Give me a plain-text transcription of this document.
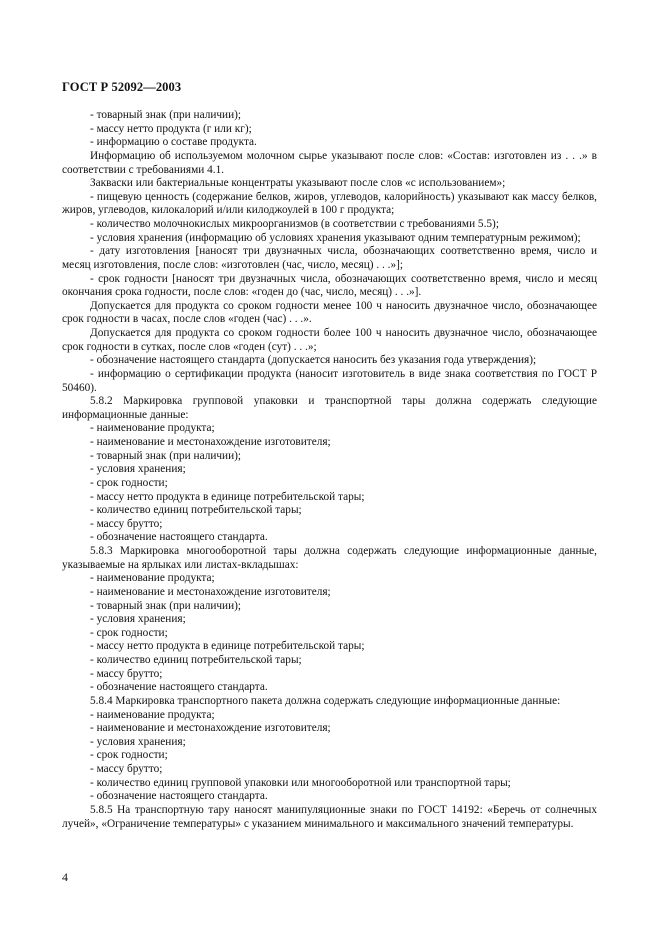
ГОСТ Р 52092—2003

- товарный знак (при наличии);

- массу нетто продукта (г или кг);

- информацию о составе продукта.

Информацию об используемом молочном сырье указывают после слов: «Состав: изготовлен из . . .» в соответствии с требованиями 4.1.

Закваски или бактериальные концентраты указывают после слов «с использованием»;

- пищевую ценность (содержание белков, жиров, углеводов, калорийность) указывают как массу белков, жиров, углеводов, килокалорий и/или килоджоулей в 100 г продукта;

- количество молочнокислых микроорганизмов (в соответствии с требованиями 5.5);

- условия хранения (информацию об условиях хранения указывают одним температурным режимом);

- дату изготовления [наносят три двузначных числа, обозначающих соответственно время, число и месяц изготовления, после слов: «изготовлен (час, число, месяц) . . .»];

- срок годности [наносят три двузначных числа, обозначающих соответственно время, число и месяц окончания срока годности, после слов: «годен до (час, число, месяц) . . .»].

Допускается для продукта со сроком годности менее 100 ч наносить двузначное число, обозначающее срок годности в часах, после слов «годен (час) . . .».

Допускается для продукта со сроком годности более 100 ч наносить двузначное число, обозначающее срок годности в сутках, после слов «годен (сут) . . .»;

- обозначение настоящего стандарта (допускается наносить без указания года утверждения);

- информацию о сертификации продукта (наносит изготовитель в виде знака соответствия по ГОСТ Р 50460).

5.8.2 Маркировка групповой упаковки и транспортной тары должна содержать следующие информационные данные:

- наименование продукта;

- наименование и местонахождение изготовителя;

- товарный знак (при наличии);

- условия хранения;

- срок годности;

- массу нетто продукта в единице потребительской тары;

- количество единиц потребительской тары;

- массу брутто;

- обозначение настоящего стандарта.

5.8.3 Маркировка многооборотной тары должна содержать следующие информационные данные, указываемые на ярлыках или листах-вкладышах:

- наименование продукта;

- наименование и местонахождение изготовителя;

- товарный знак (при наличии);

- условия хранения;

- срок годности;

- массу нетто продукта в единице потребительской тары;

- количество единиц потребительской тары;

- массу брутто;

- обозначение настоящего стандарта.

5.8.4 Маркировка транспортного пакета должна содержать следующие информационные данные:

- наименование продукта;

- наименование и местонахождение изготовителя;

- условия хранения;

- срок годности;

- массу брутто;

- количество единиц групповой упаковки или многооборотной или транспортной тары;

- обозначение настоящего стандарта.

5.8.5 На транспортную тару наносят манипуляционные знаки по ГОСТ 14192: «Беречь от солнечных лучей», «Ограничение температуры» с указанием минимального и максимального значений температуры.

4
